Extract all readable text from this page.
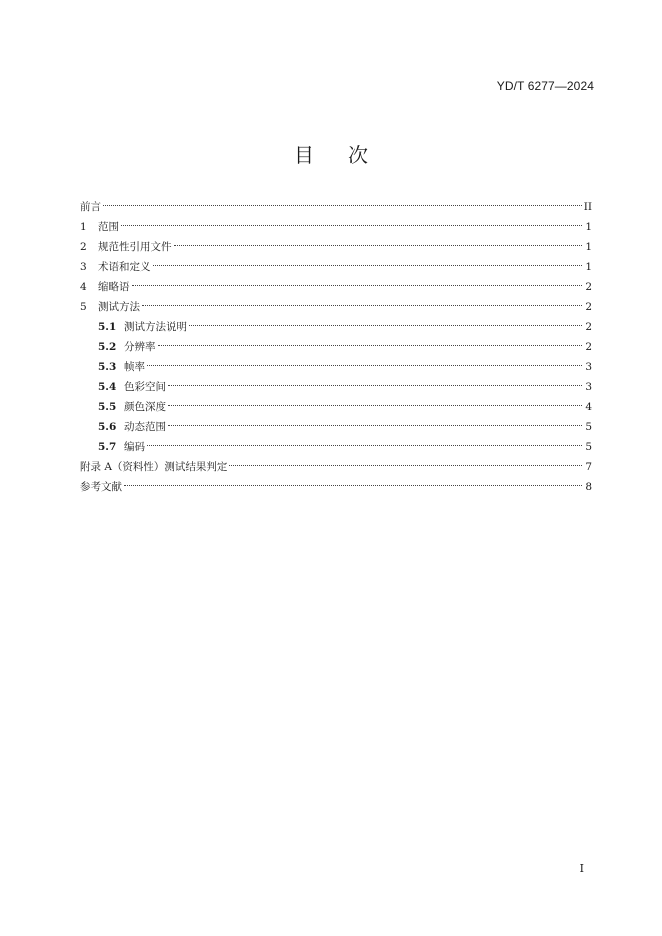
YD/T 6277—2024
目 次
前言	II
1	范围	1
2	规范性引用文件	1
3	术语和定义	1
4	缩略语	2
5	测试方法	2
5.1 测试方法说明	2
5.2 分辨率	2
5.3 帧率	3
5.4 色彩空间	3
5.5 颜色深度	4
5.6 动态范围	5
5.7 编码	5
附录 A（资料性）测试结果判定	7
参考文献	8
I
